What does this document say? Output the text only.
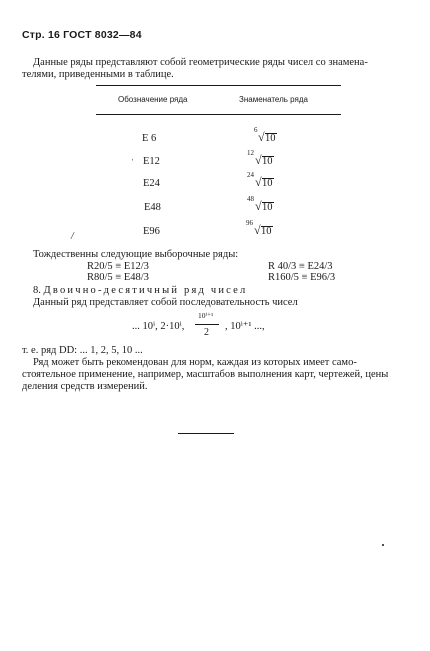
Стр. 16 ГОСТ 8032—84
Данные ряды представляют собой геометрические ряды чисел со знамена-
телями, приведенными в таблице.
Обозначение ряда	Знаменатель ряда
E 6
6 √ 10
E12
12 √ 10
E24
24 √ 10
E48
48 √ 10
E96
96 √ 10
ˌ
/
Тождественны следующие выборочные ряды:
R20/5 ≡ E12/3
R80/5 ≡ E48/3
R 40/3 ≡ E24/3
R160/5 ≡ E96/3
8. Двоично-десятичный ряд чисел
Данный ряд представляет собой последовательность чисел
... 10ⁱ, 2·10ⁱ,
10ⁱ⁺¹
2
, 10ⁱ⁺¹ ...,
т. е. ряд DD: ... 1, 2, 5, 10 ...
Ряд может быть рекомендован для норм, каждая из которых имеет само-
стоятельное применение, например, масштабов выполнения карт, чертежей, цены
деления средств измерений.
